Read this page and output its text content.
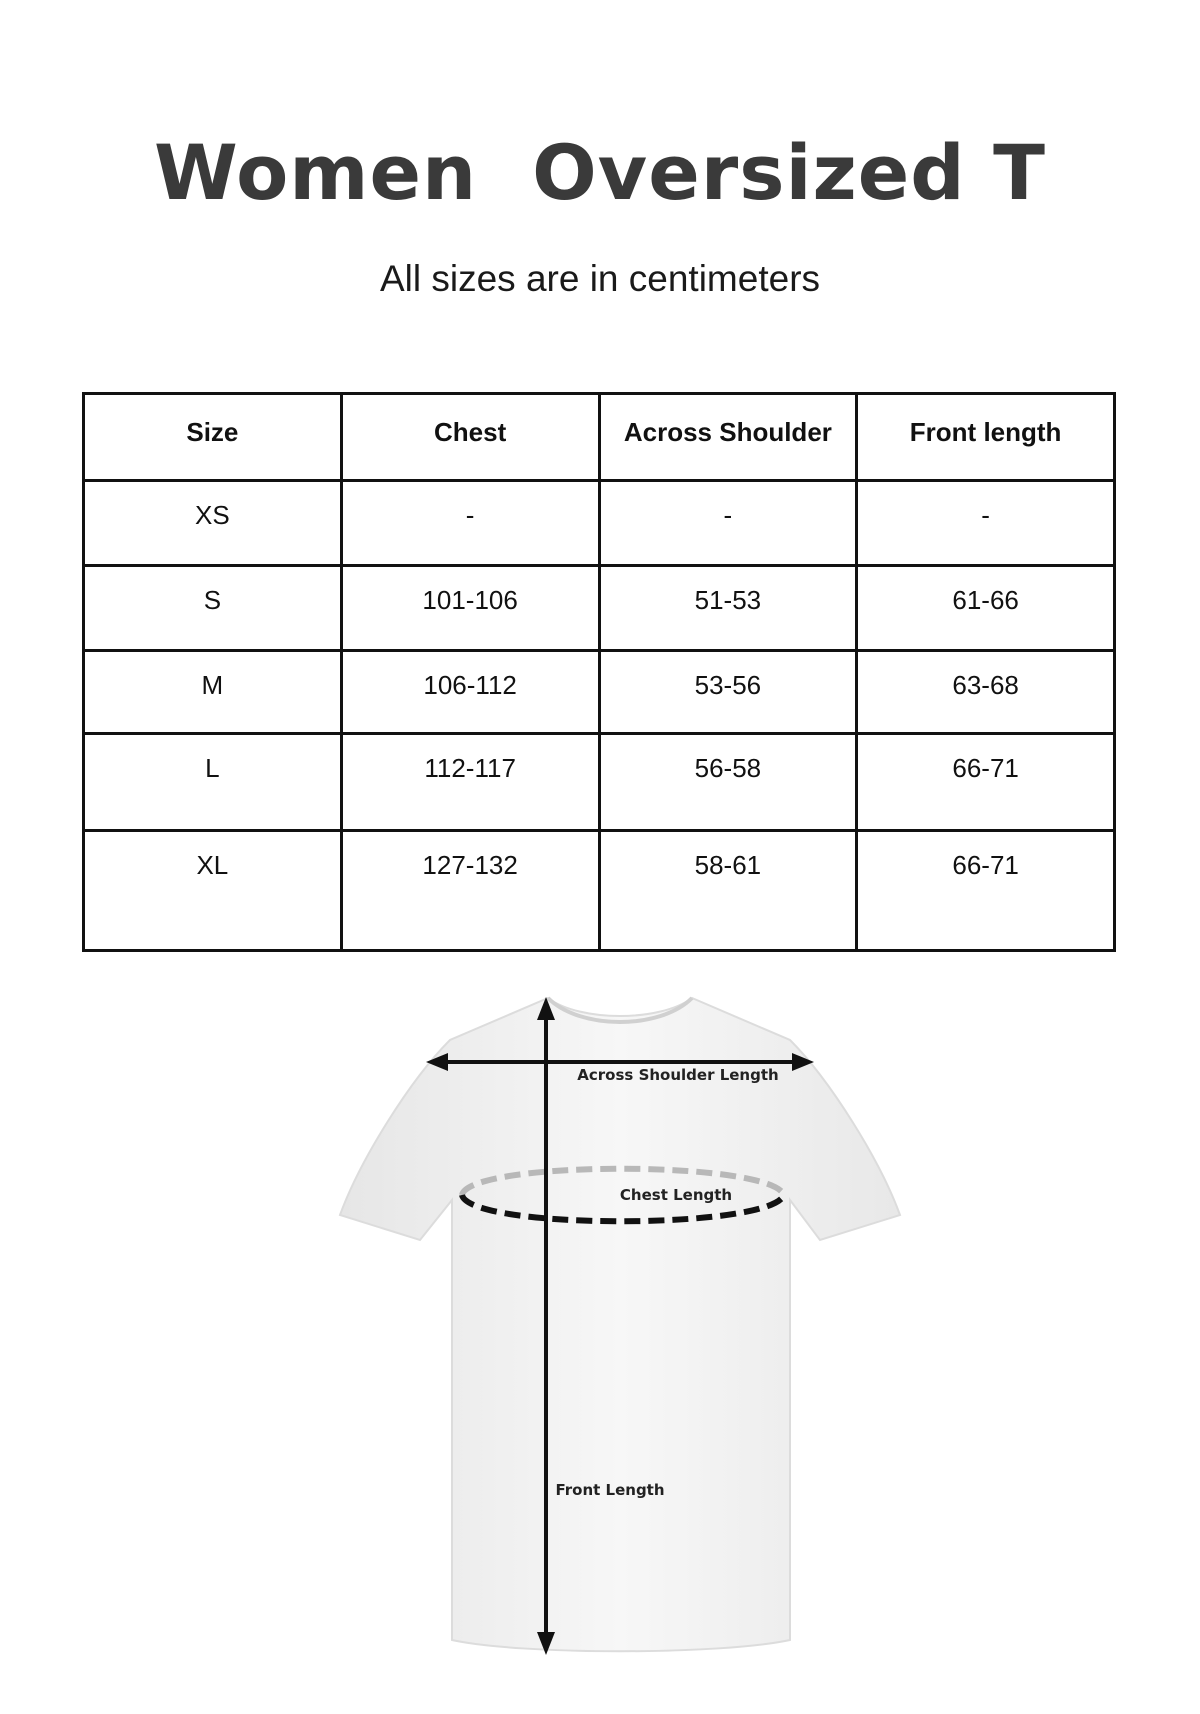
Women  Oversized T
All sizes are in centimeters
Size	Chest	Across Shoulder	Front length
XS	-	-	-
S	101-106	51-53	61-66
M	106-112	53-56	63-68
L	112-117	56-58	66-71
XL	127-132	58-61	66-71
Across Shoulder Length
Chest Length
Front Length
